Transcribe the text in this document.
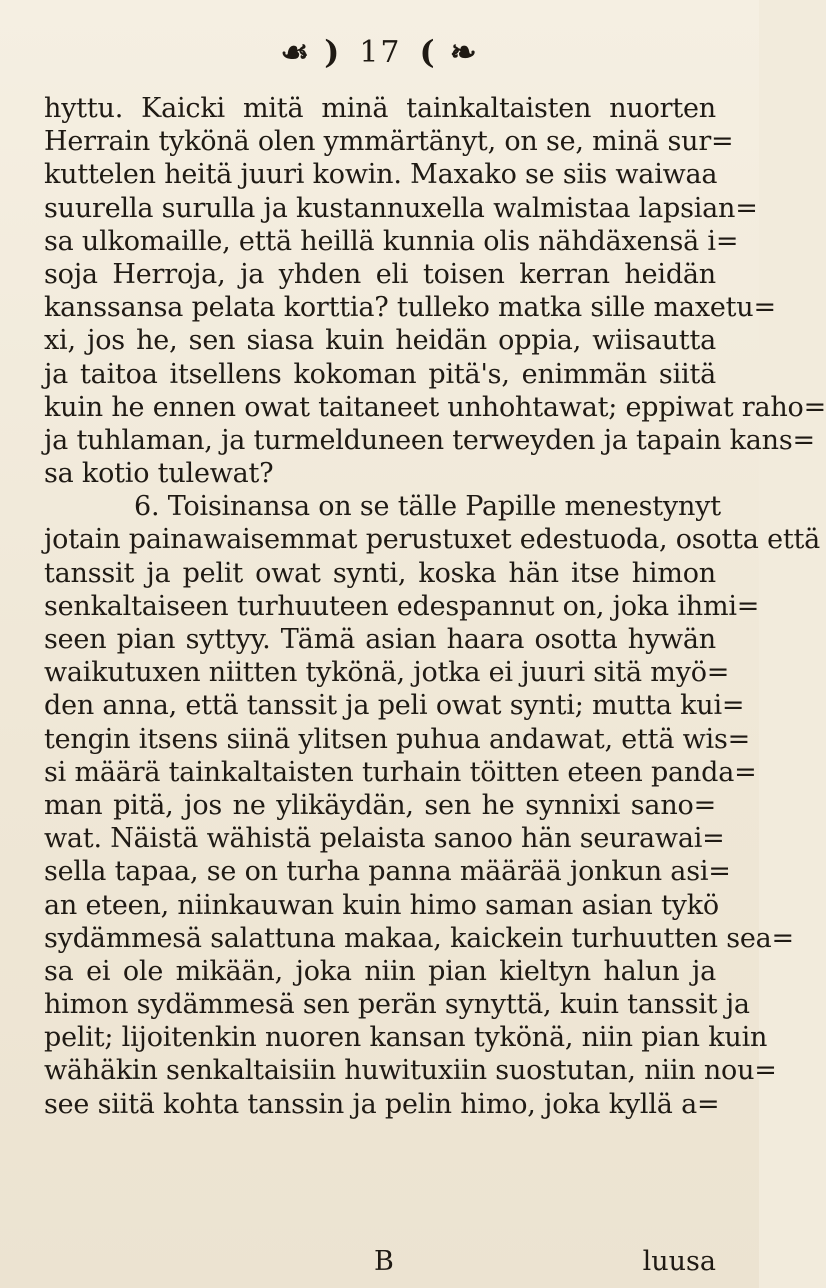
☙ ) 17 ( ❧
hyttu. Kaicki mitä minä tainkaltaisten nuorten
Herrain tykönä olen ymmärtänyt, on se, minä sur=
kuttelen heitä juuri kowin. Maxako se siis waiwaa
suurella surulla ja kustannuxella walmistaa lapsian=
sa ulkomaille, että heillä kunnia olis nähdäxensä i=
soja Herroja, ja yhden eli toisen kerran heidän
kanssansa pelata korttia? tulleko matka sille maxetu=
xi, jos he, sen siasa kuin heidän oppia, wiisautta
ja taitoa itsellens kokoman pitä's, enimmän siitä
kuin he ennen owat taitaneet unhohtawat; eppiwat raho=
ja tuhlaman, ja turmelduneen terweyden ja tapain kans=
sa kotio tulewat?
6. Toisinansa on se tälle Papille menestynyt
jotain painawaisemmat perustuxet edestuoda, osotta että
tanssit ja pelit owat synti, koska hän itse himon
senkaltaiseen turhuuteen edespannut on, joka ihmi=
seen pian syttyy. Tämä asian haara osotta hywän
waikutuxen niitten tykönä, jotka ei juuri sitä myö=
den anna, että tanssit ja peli owat synti; mutta kui=
tengin itsens siinä ylitsen puhua andawat, että wis=
si määrä tainkaltaisten turhain töitten eteen panda=
man pitä, jos ne ylikäydän, sen he synnixi sano=
wat. Näistä wähistä pelaista sanoo hän seurawai=
sella tapaa, se on turha panna määrää jonkun asi=
an eteen, niinkauwan kuin himo saman asian tykö
sydämmesä salattuna makaa, kaickein turhuutten sea=
sa ei ole mikään, joka niin pian kieltyn halun ja
himon sydämmesä sen perän synyttä, kuin tanssit ja
pelit; lijoitenkin nuoren kansan tykönä, niin pian kuin
wähäkin senkaltaisiin huwituxiin suostutan, niin nou=
see siitä kohta tanssin ja pelin himo, joka kyllä a=
B	luusa
